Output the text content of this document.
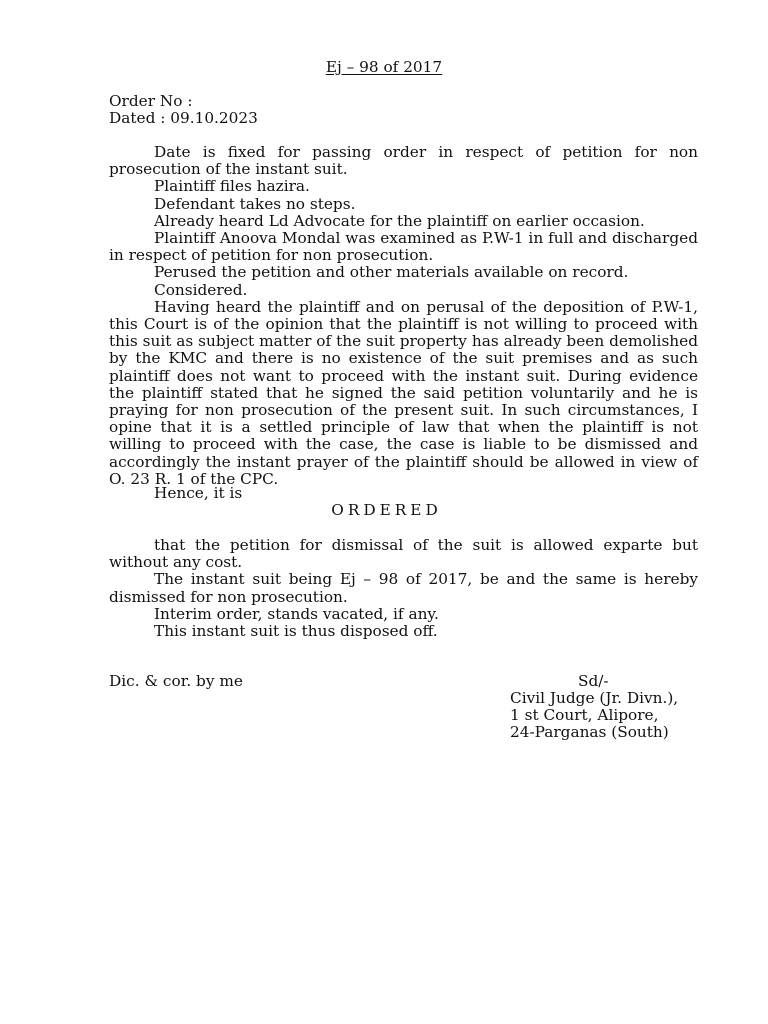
Ej – 98 of 2017
Order No :
Dated : 09.10.2023

Date is fixed for passing order in respect of petition for non prosecution of the instant suit.

Plaintiff files hazira.

Defendant takes no steps.

Already heard Ld Advocate for the plaintiff on earlier occasion.

Plaintiff Anoova Mondal was examined as P.W-1 in full and discharged in respect of petition for non prosecution.

Perused the petition and other materials available on record.

Considered.

Having heard the plaintiff and on perusal of the deposition of P.W-1, this Court is of the opinion that the plaintiff is not willing to proceed with this suit as subject matter of the suit property has already been demolished by the KMC and there is no existence of the suit premises and as such plaintiff does not want to proceed with the instant suit. During evidence the plaintiff stated that he signed the said petition voluntarily and he is praying for non prosecution of the present suit. In such circumstances, I opine that it is a settled principle of law that when the plaintiff is not willing to proceed with the case, the case is liable to be dismissed and accordingly the instant prayer of the plaintiff should be allowed in view of O. 23 R. 1 of the CPC.

Hence, it is
ORDERED

that the petition for dismissal of the suit is allowed exparte but without any cost.

The instant suit being Ej – 98 of 2017, be and the same is hereby dismissed for non prosecution.

Interim order, stands vacated, if any.

This instant suit is thus disposed off.

Dic. & cor. by me	Sd/-
Civil Judge (Jr. Divn.),
1 st Court, Alipore,
24-Parganas (South)
